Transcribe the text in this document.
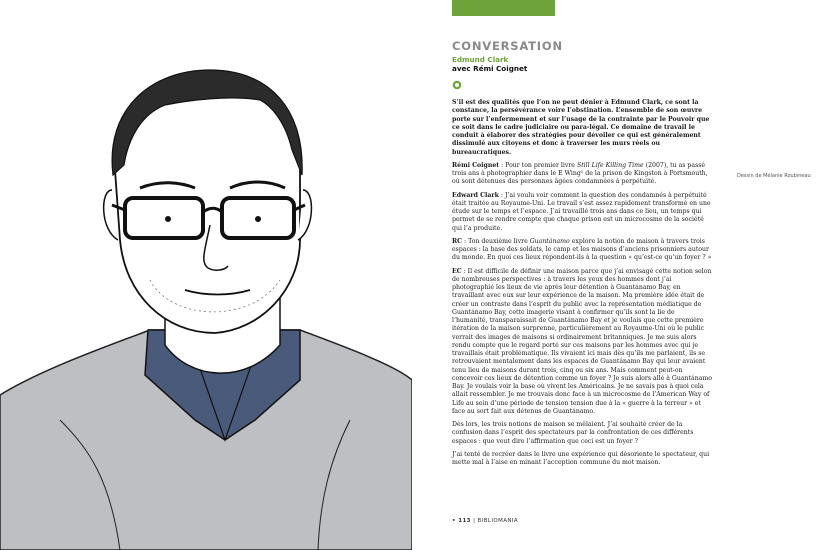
CONVERSATION
Edmund Clark
avec Rémi Coignet

S’il est des qualités que l’on ne peut dénier à Edmund Clark, ce sont la constance, la persévérance voire l’obstination. L’ensemble de son œuvre porte sur l’enfermement et sur l’usage de la contrainte par le Pouvoir que ce soit dans le cadre judiciaire ou para-légal. Ce domaine de travail le conduit à élaborer des stratégies pour dévoiler ce qui est généralement dissimulé aux citoyens et donc à traverser les murs réels ou bureaucratiques.

Rémi Coignet : Pour ton premier livre Still Life Killing Time (2007), tu as passé trois ans à photographier dans le E Wing¹ de la prison de Kingston à Portsmouth, où sont détenues des personnes âgées condamnées à perpétuité.

Edward Clark : J’ai voulu voir comment la question des condamnés à perpétuité était traitée au Royaume-Uni. Le travail s’est assez rapidement transformé en une étude sur le temps et l’espace. J’ai travaillé trois ans dans ce lieu, un temps qui permet de se rendre compte que chaque prison est un microcosme de la société qui l’a produite.

RC : Ton deuxième livre Guantánamo explore la notion de maison à travers trois espaces : la base des soldats, le camp et les maisons d’anciens prisonniers autour du monde. En quoi ces lieux répondent-ils à la question « qu’est-ce qu’un foyer ? »

EC : Il est difficile de définir une maison parce que j’ai envisagé cette notion selon de nombreuses perspectives : à travers les yeux des hommes dont j’ai photographié les lieux de vie après leur détention à Guantánamo Bay, en travaillant avec eux sur leur expérience de la maison. Ma première idée était de créer un contraste dans l’esprit du public avec la représentation médiatique de Guantánamo Bay, cette imagerie visant à confirmer qu’ils sont la lie de l’humanité, transparaissait de Guantánamo Bay et je voulais que cette première itération de la maison surprenne, particulièrement au Royaume-Uni où le public verrait des images de maisons si ordinairement britanniques. Je me suis alors rendu compte que le regard porté sur ces maisons par les hommes avec qui je travaillais était problématique. Ils vivaient ici mais dès qu’ils me parlaient, ils se retrouvaient mentalement dans les espaces de Guantánamo Bay qui leur avaient tenu lieu de maisons durant trois, cinq ou six ans. Mais comment peut-on concevoir ces lieux de détention comme un foyer ? Je suis alors allé à Guantánamo Bay. Je voulais voir la base où vivent les Américains. Je ne savais pas à quoi cela allait ressembler. Je me trouvais donc face à un microcosme de l’American Way of Life au sein d’une période de tension tension due à la « guerre à la terreur » et face au sort fait aux détenus de Guantánamo.

Dès lors, les trois notions de maison se mêlaient. J’ai souhaité créer de la confusion dans l’esprit des spectateurs par la confrontation de ces différents espaces : que veut dire l’affirmation que ceci est un foyer ?

J’ai tenté de recréer dans le livre une expérience qui désoriente le spectateur, qui mette mal à l’aise en minant l’acception commune du mot maison.

Dessin de Mélanie Roubineau
• 113 | BIBLIOMANIA
